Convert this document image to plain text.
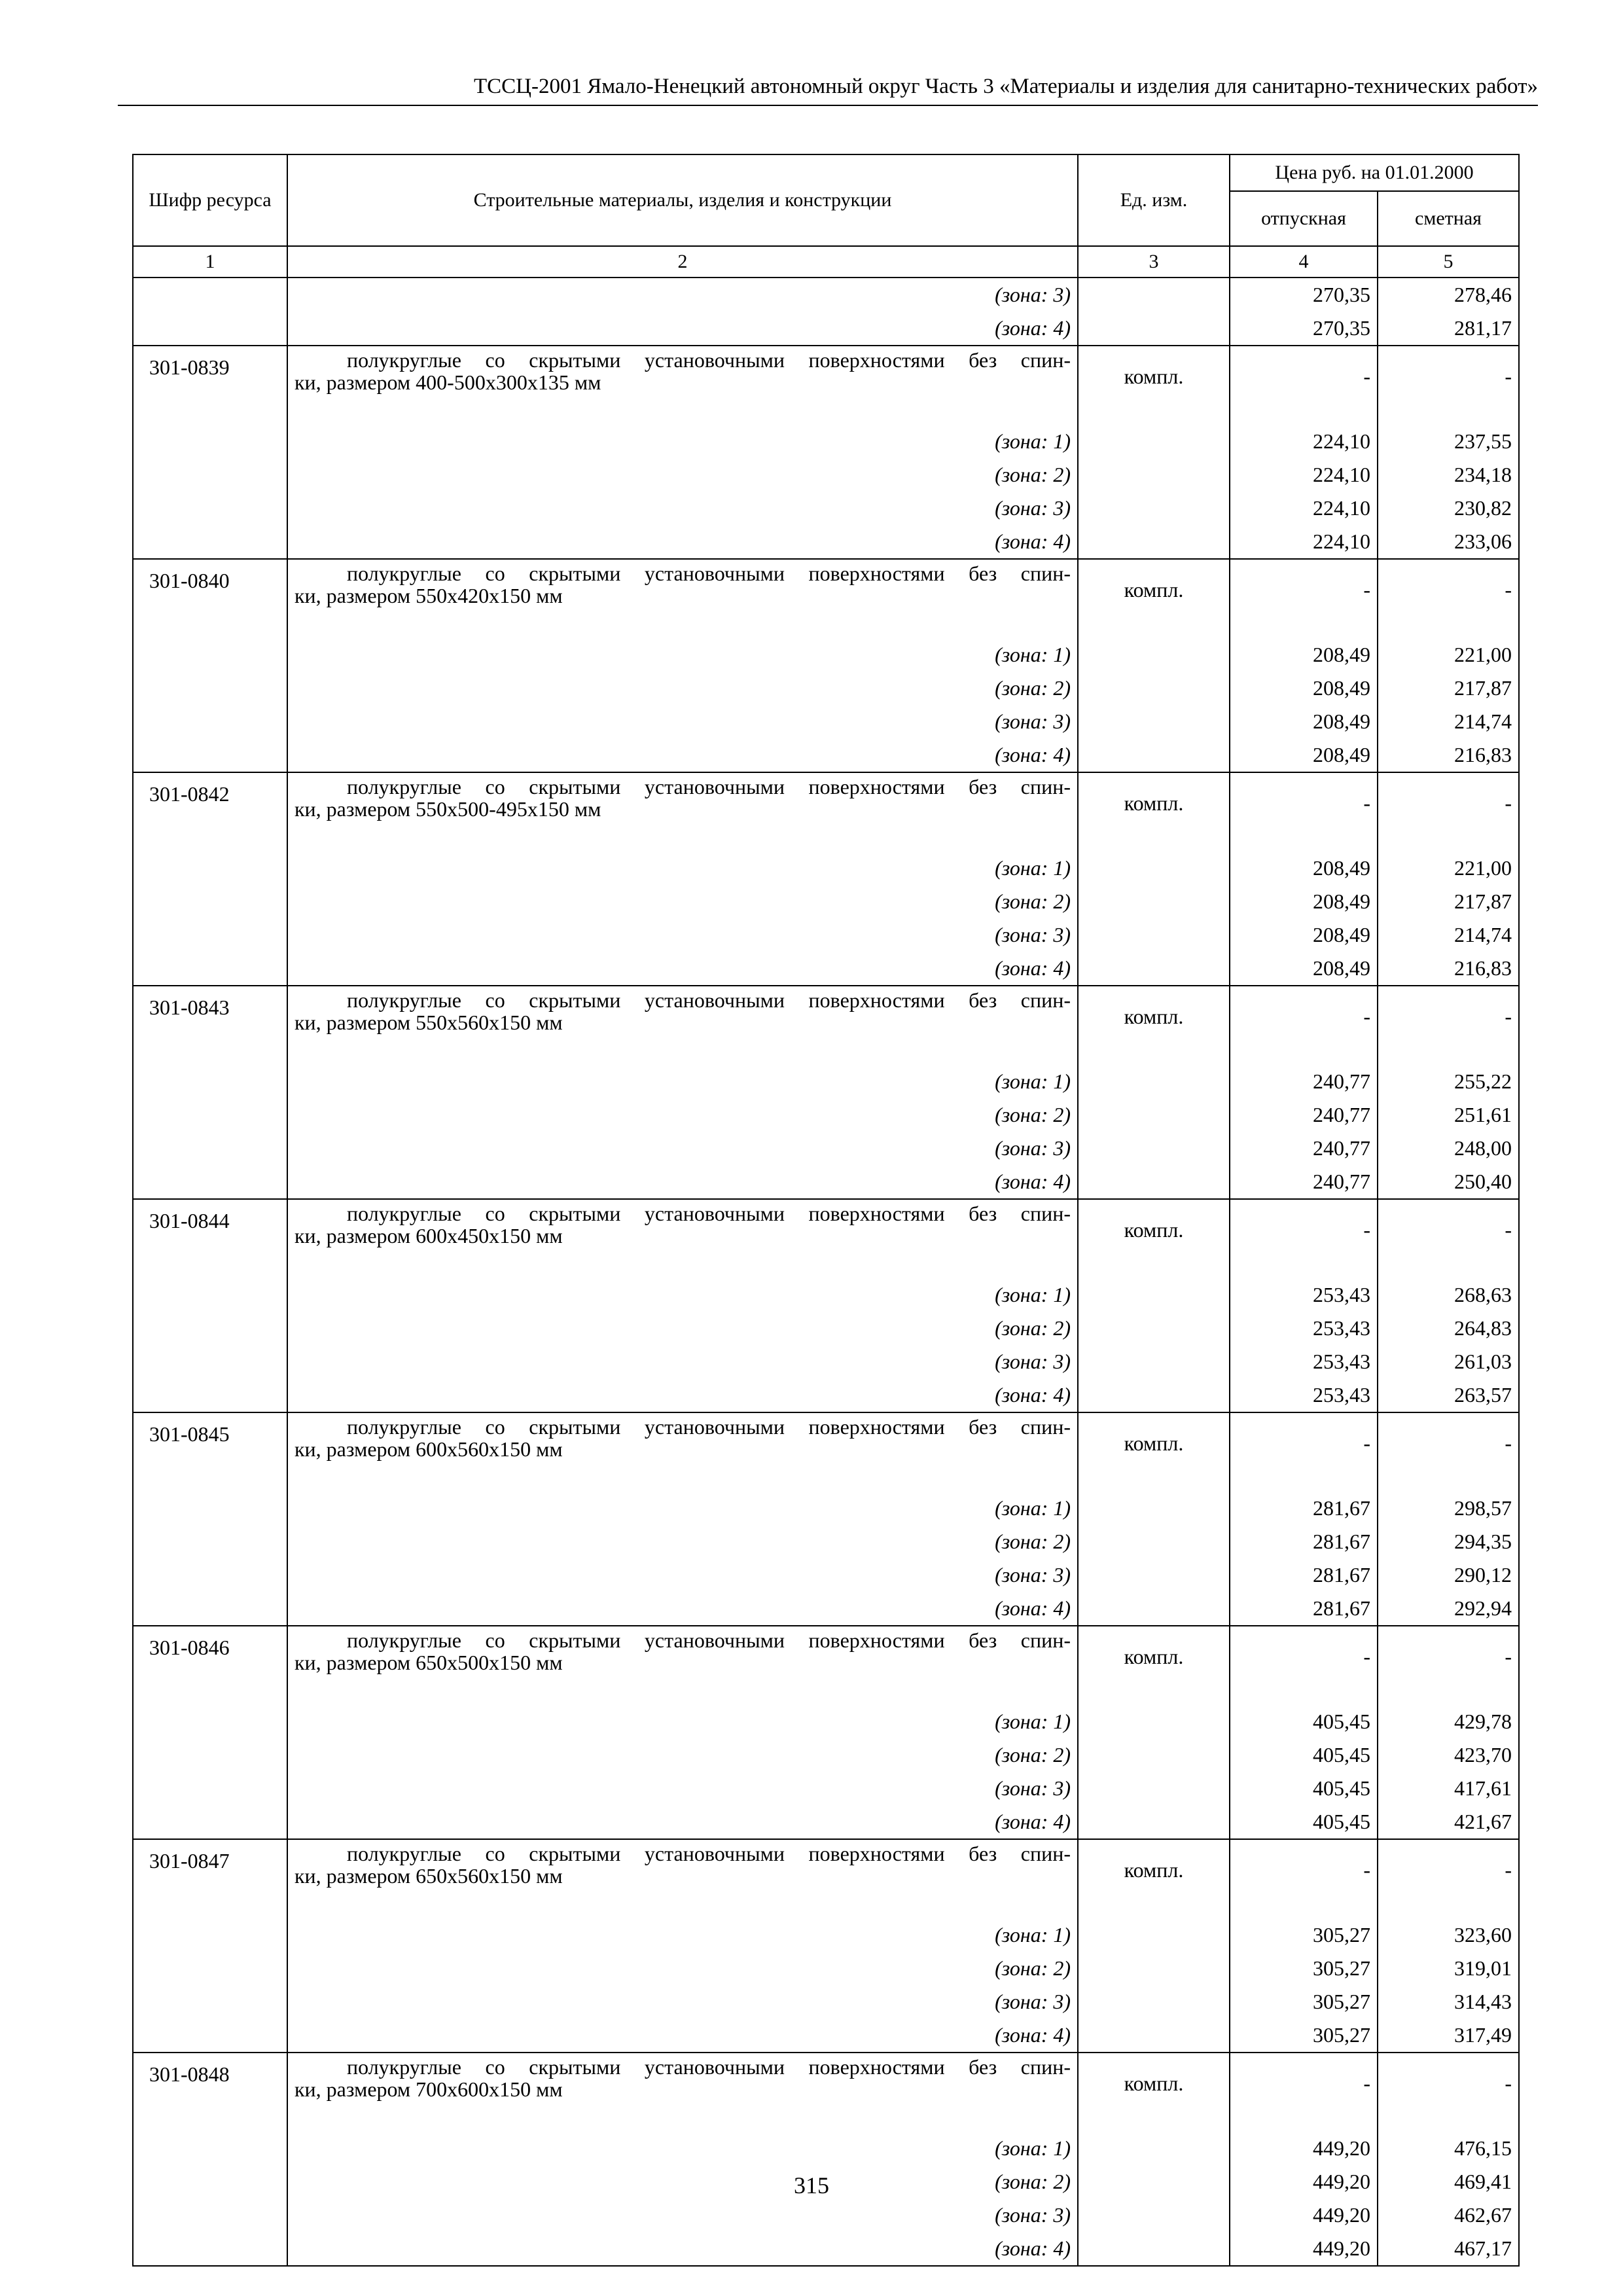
ТССЦ-2001 Ямало-Ненецкий автономный округ Часть 3 «Материалы и изделия для санитарно-технических работ»
Шифр ресурса	Строительные материалы, изделия и конструкции	Ед. изм.	Цена руб. на 01.01.2000	
			отпускная	сметная
1	2	3	4	5
	(зона: 3)		270,35	278,46
	(зона: 4)		270,35	281,17
301-0839	полукруглые со скрытыми установочными поверхностями без спин-
ки, размером 400-500х300х135 мм	компл.	-	-
	(зона: 1)		224,10	237,55
	(зона: 2)		224,10	234,18
	(зона: 3)		224,10	230,82
	(зона: 4)		224,10	233,06
301-0840	полукруглые со скрытыми установочными поверхностями без спин-
ки, размером 550х420х150 мм	компл.	-	-
	(зона: 1)		208,49	221,00
	(зона: 2)		208,49	217,87
	(зона: 3)		208,49	214,74
	(зона: 4)		208,49	216,83
301-0842	полукруглые со скрытыми установочными поверхностями без спин-
ки, размером 550х500-495х150 мм	компл.	-	-
	(зона: 1)		208,49	221,00
	(зона: 2)		208,49	217,87
	(зона: 3)		208,49	214,74
	(зона: 4)		208,49	216,83
301-0843	полукруглые со скрытыми установочными поверхностями без спин-
ки, размером 550х560х150 мм	компл.	-	-
	(зона: 1)		240,77	255,22
	(зона: 2)		240,77	251,61
	(зона: 3)		240,77	248,00
	(зона: 4)		240,77	250,40
301-0844	полукруглые со скрытыми установочными поверхностями без спин-
ки, размером 600х450х150 мм	компл.	-	-
	(зона: 1)		253,43	268,63
	(зона: 2)		253,43	264,83
	(зона: 3)		253,43	261,03
	(зона: 4)		253,43	263,57
301-0845	полукруглые со скрытыми установочными поверхностями без спин-
ки, размером 600х560х150 мм	компл.	-	-
	(зона: 1)		281,67	298,57
	(зона: 2)		281,67	294,35
	(зона: 3)		281,67	290,12
	(зона: 4)		281,67	292,94
301-0846	полукруглые со скрытыми установочными поверхностями без спин-
ки, размером 650х500х150 мм	компл.	-	-
	(зона: 1)		405,45	429,78
	(зона: 2)		405,45	423,70
	(зона: 3)		405,45	417,61
	(зона: 4)		405,45	421,67
301-0847	полукруглые со скрытыми установочными поверхностями без спин-
ки, размером 650х560х150 мм	компл.	-	-
	(зона: 1)		305,27	323,60
	(зона: 2)		305,27	319,01
	(зона: 3)		305,27	314,43
	(зона: 4)		305,27	317,49
301-0848	полукруглые со скрытыми установочными поверхностями без спин-
ки, размером 700х600х150 мм	компл.	-	-
	(зона: 1)		449,20	476,15
	(зона: 2)		449,20	469,41
	(зона: 3)		449,20	462,67
	(зона: 4)		449,20	467,17
315
